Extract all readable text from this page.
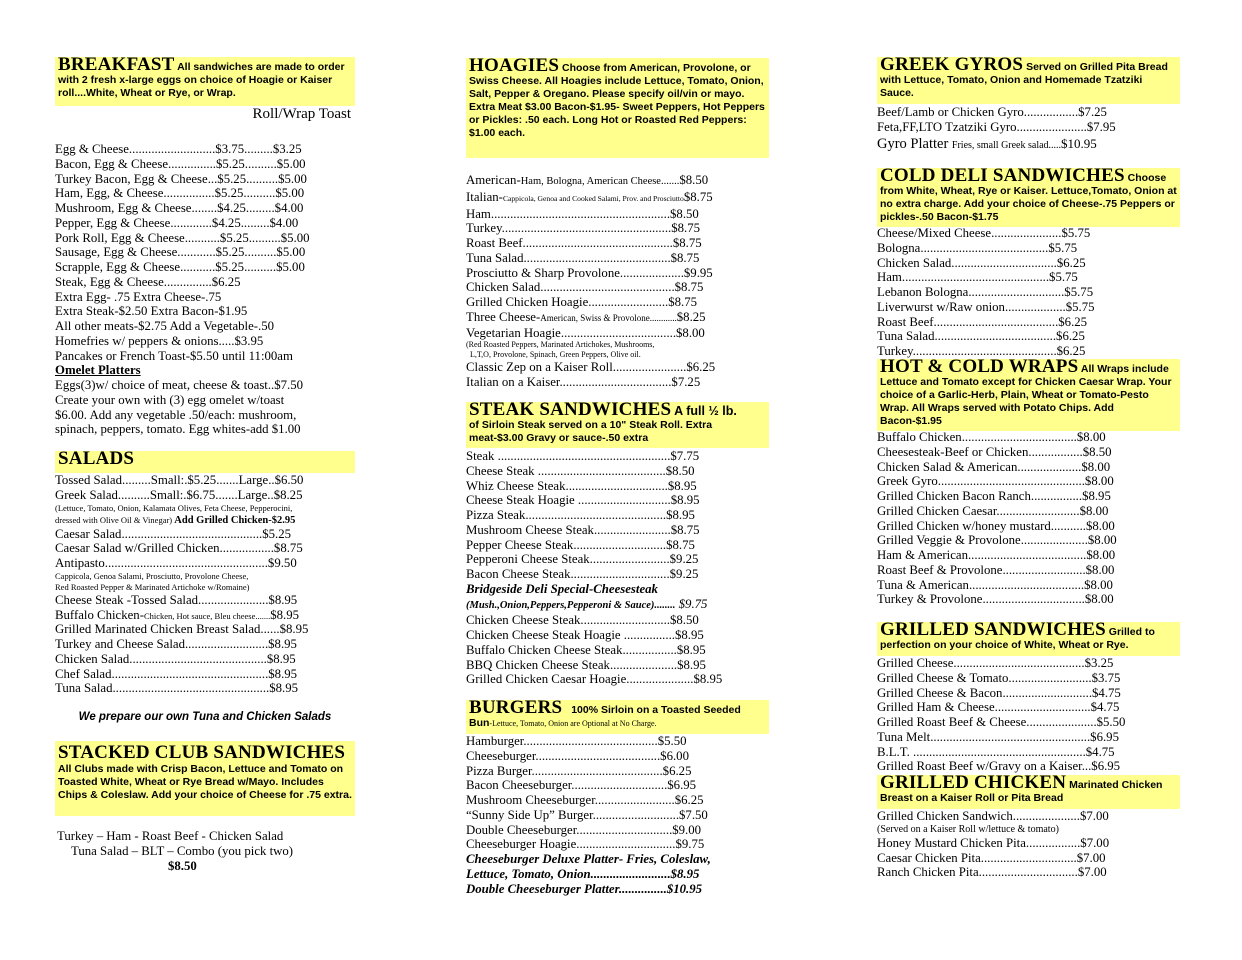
BREAKFAST All sandwiches are made to order with 2 fresh x-large eggs on choice of Hoagie or Kaiser roll....White, Wheat or Rye, or Wrap.
Roll/Wrap Toast
Egg & Cheese...........................$3.75.........$3.25
Bacon, Egg & Cheese...............$5.25..........$5.00
Turkey Bacon, Egg & Cheese...$5.25..........$5.00
Ham, Egg, & Cheese................$5.25..........$5.00
Mushroom, Egg & Cheese........$4.25.........$4.00
Pepper, Egg & Cheese.............$4.25.........$4.00
Pork Roll, Egg & Cheese...........$5.25..........$5.00
Sausage, Egg & Cheese............$5.25..........$5.00
Scrapple, Egg & Cheese...........$5.25..........$5.00
Steak, Egg & Cheese...............$6.25
Extra Egg- .75 Extra Cheese-.75
Extra Steak-$2.50 Extra Bacon-$1.95
All other meats-$2.75 Add a Vegetable-.50
Homefries w/ peppers & onions.....$3.95
Pancakes or French Toast-$5.50 until 11:00am
Omelet Platters
Eggs(3)w/ choice of meat, cheese & toast..$7.50
Create your own with (3) egg omelet w/toast
$6.00. Add any vegetable .50/each: mushroom,
spinach, peppers, tomato. Egg whites-add $1.00
SALADS
Tossed Salad.........Small:.$5.25.......Large..$6.50
Greek Salad..........Small:.$6.75.......Large..$8.25
(Lettuce, Tomato, Onion, Kalamata Olives, Feta Cheese, Pepperocini,
dressed with Olive Oil & Vinegar) Add Grilled Chicken-$2.95
Caesar Salad............................................$5.25
Caesar Salad w/Grilled Chicken.................$8.75
Antipasto...................................................$9.50
Cappicola, Genoa Salami, Prosciutto, Provolone Cheese,
Red Roasted Pepper & Marinated Artichoke w/Romaine)
Cheese Steak -Tossed Salad......................$8.95
Buffalo Chicken-Chicken, Hot sauce, Bleu cheese.......$8.95
Grilled Marinated Chicken Breast Salad......$8.95
Turkey and Cheese Salad..........................$8.95
Chicken Salad...........................................$8.95
Chef Salad.................................................$8.95
Tuna Salad.................................................$8.95
We prepare our own Tuna and Chicken Salads
STACKED CLUB SANDWICHES
All Clubs made with Crisp Bacon, Lettuce and Tomato on Toasted White, Wheat or Rye Bread w/Mayo. Includes Chips & Coleslaw. Add your choice of Cheese for .75 extra.
Turkey – Ham - Roast Beef - Chicken Salad
Tuna Salad – BLT – Combo (you pick two)
$8.50
HOAGIES Choose from American, Provolone, or Swiss Cheese. All Hoagies include Lettuce, Tomato, Onion, Salt, Pepper & Oregano. Please specify oil/vin or mayo. Extra Meat $3.00 Bacon-$1.95- Sweet Peppers, Hot Peppers or Pickles: .50 each. Long Hot or Roasted Red Peppers: $1.00 each.
American-Ham, Bologna, American Cheese.......$8.50
Italian-Cappicola, Genoa and Cooked Salami, Prov. and Prosciutto$8.75
Ham........................................................$8.50
Turkey.....................................................$8.75
Roast Beef...............................................$8.75
Tuna Salad..............................................$8.75
Prosciutto & Sharp Provolone....................$9.95
Chicken Salad..........................................$8.75
Grilled Chicken Hoagie.........................$8.75
Three Cheese-American, Swiss & Provolone............$8.25
Vegetarian Hoagie....................................$8.00
(Red Roasted Peppers, Marinated Artichokes, Mushrooms,
L,T,O, Provolone, Spinach, Green Peppers, Olive oil.
Classic Zep on a Kaiser Roll.......................$6.25
Italian on a Kaiser...................................$7.25
STEAK SANDWICHES A full ½ lb.
of Sirloin Steak served on a 10" Steak Roll. Extra meat-$3.00 Gravy or sauce-.50 extra
Steak ......................................................$7.75
Cheese Steak ........................................$8.50
Whiz Cheese Steak................................$8.95
Cheese Steak Hoagie .............................$8.95
Pizza Steak............................................$8.95
Mushroom Cheese Steak........................$8.75
Pepper Cheese Steak.............................$8.75
Pepperoni Cheese Steak.........................$9.25
Bacon Cheese Steak...............................$9.25
Bridgeside Deli Special-Cheesesteak
(Mush.,Onion,Peppers,Pepperoni & Sauce)........ $9.75
Chicken Cheese Steak............................$8.50
Chicken Cheese Steak Hoagie ................$8.95
Buffalo Chicken Cheese Steak.................$8.95
BBQ Chicken Cheese Steak.....................$8.95
Grilled Chicken Caesar Hoagie.....................$8.95
BURGERS 100% Sirloin on a Toasted Seeded Bun-Lettuce, Tomato, Onion are Optional at No Charge.
Hamburger..........................................$5.50
Cheeseburger.......................................$6.00
Pizza Burger.........................................$6.25
Bacon Cheeseburger..............................$6.95
Mushroom Cheeseburger.........................$6.25
“Sunny Side Up” Burger...........................$7.50
Double Cheeseburger..............................$9.00
Cheeseburger Hoagie...............................$9.75
Cheeseburger Deluxe Platter- Fries, Coleslaw,
Lettuce, Tomato, Onion.........................$8.95
Double Cheeseburger Platter...............$10.95
GREEK GYROS Served on Grilled Pita Bread with Lettuce, Tomato, Onion and Homemade Tzatziki Sauce.
Beef/Lamb or Chicken Gyro.................$7.25
Feta,FF,LTO Tzatziki Gyro......................$7.95
Gyro Platter Fries, small Greek salad.....$10.95
COLD DELI SANDWICHES Choose from White, Wheat, Rye or Kaiser. Lettuce,Tomato, Onion at no extra charge. Add your choice of Cheese-.75 Peppers or pickles-.50 Bacon-$1.75
Cheese/Mixed Cheese......................$5.75
Bologna........................................$5.75
Chicken Salad.................................$6.25
Ham..............................................$5.75
Lebanon Bologna..............................$5.75
Liverwurst w/Raw onion...................$5.75
Roast Beef.......................................$6.25
Tuna Salad......................................$6.25
Turkey.............................................$6.25
HOT & COLD WRAPS All Wraps include Lettuce and Tomato except for Chicken Caesar Wrap. Your choice of a Garlic-Herb, Plain, Wheat or Tomato-Pesto Wrap. All Wraps served with Potato Chips. Add Bacon-$1.95
Buffalo Chicken....................................$8.00
Cheesesteak-Beef or Chicken.................$8.50
Chicken Salad & American....................$8.00
Greek Gyro..............................................$8.00
Grilled Chicken Bacon Ranch................$8.95
Grilled Chicken Caesar..........................$8.00
Grilled Chicken w/honey mustard...........$8.00
Grilled Veggie & Provolone.....................$8.00
Ham & American.....................................$8.00
Roast Beef & Provolone..........................$8.00
Tuna & American....................................$8.00
Turkey & Provolone................................$8.00
GRILLED SANDWICHES Grilled to perfection on your choice of White, Wheat or Rye.
Grilled Cheese.........................................$3.25
Grilled Cheese & Tomato..........................$3.75
Grilled Cheese & Bacon............................$4.75
Grilled Ham & Cheese..............................$4.75
Grilled Roast Beef & Cheese......................$5.50
Tuna Melt..................................................$6.95
B.L.T. ......................................................$4.75
Grilled Roast Beef w/Gravy on a Kaiser...$6.95
GRILLED CHICKEN Marinated Chicken Breast on a Kaiser Roll or Pita Bread
Grilled Chicken Sandwich.....................$7.00
(Served on a Kaiser Roll w/lettuce & tomato)
Honey Mustard Chicken Pita.................$7.00
Caesar Chicken Pita..............................$7.00
Ranch Chicken Pita...............................$7.00
